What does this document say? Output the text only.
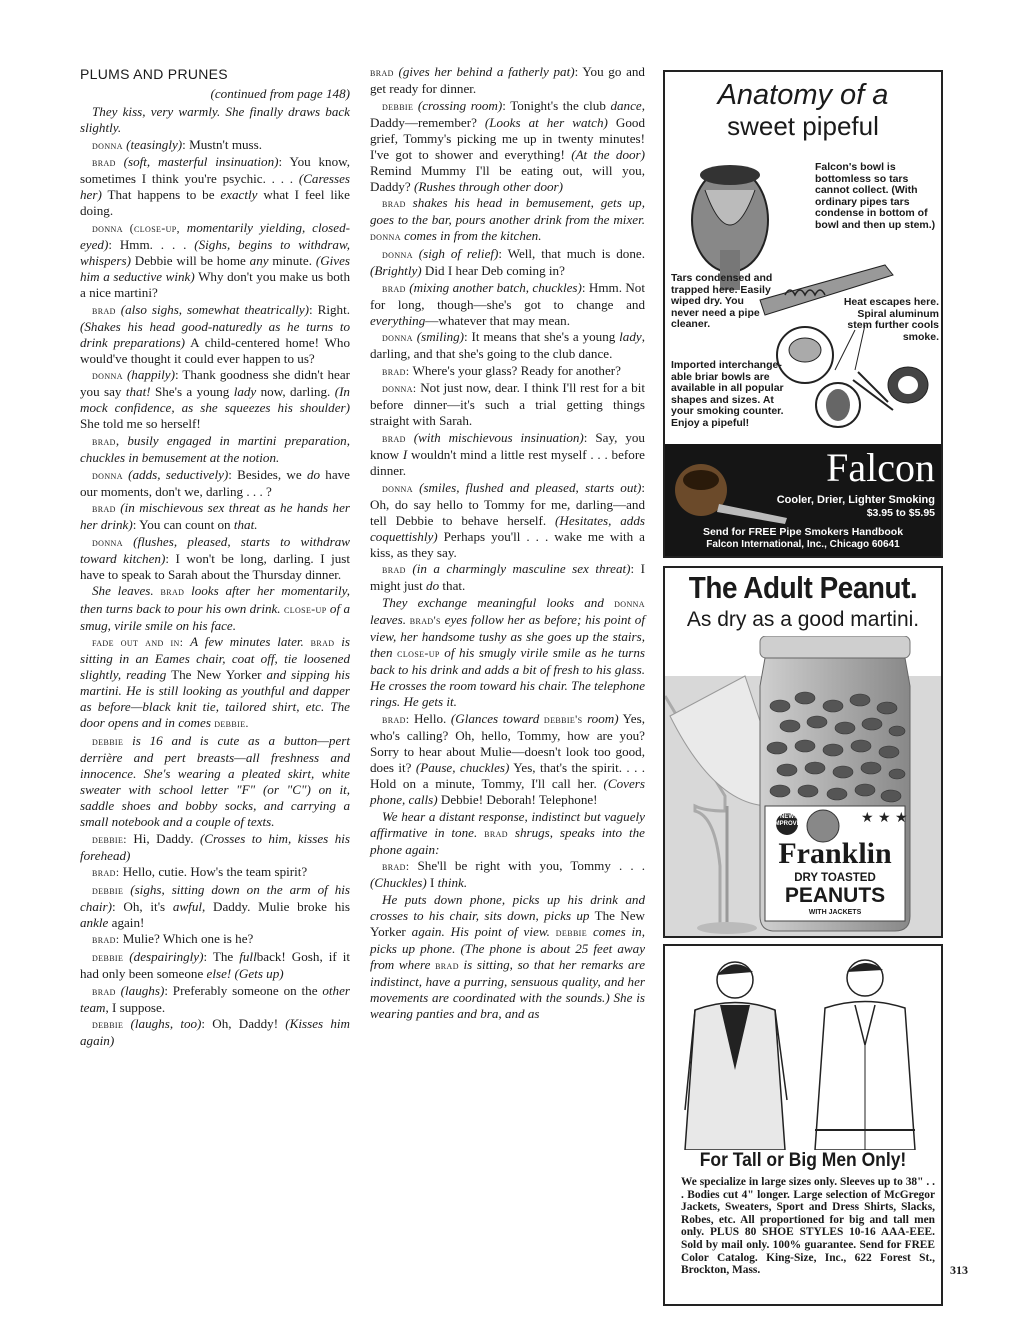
PLUMS AND PRUNES
(continued from page 148)

They kiss, very warmly. She finally draws back slightly.

donna (teasingly): Mustn't muss.

brad (soft, masterful insinuation): You know, sometimes I think you're psychic. . . . (Caresses her) That happens to be exactly what I feel like doing.

donna (close-up, momentarily yielding, closed-eyed): Hmm. . . . (Sighs, begins to withdraw, whispers) Debbie will be home any minute. (Gives him a seductive wink) Why don't you make us both a nice martini?

brad (also sighs, somewhat theatrically): Right. (Shakes his head good-naturedly as he turns to drink preparations) A child-centered home! Who would've thought it could ever happen to us?

donna (happily): Thank goodness she didn't hear you say that! She's a young lady now, darling. (In mock confidence, as she squeezes his shoulder) She told me so herself!

brad, busily engaged in martini preparation, chuckles in bemusement at the notion.

donna (adds, seductively): Besides, we do have our moments, don't we, darling . . . ?

brad (in mischievous sex threat as he hands her her drink): You can count on that.

donna (flushes, pleased, starts to withdraw toward kitchen): I won't be long, darling. I just have to speak to Sarah about the Thursday dinner.

She leaves. brad looks after her momentarily, then turns back to pour his own drink. close-up of a smug, virile smile on his face.

fade out and in: A few minutes later. brad is sitting in an Eames chair, coat off, tie loosened slightly, reading The New Yorker and sipping his martini. He is still looking as youthful and dapper as before—black knit tie, tailored shirt, etc. The door opens and in comes debbie.

debbie is 16 and is cute as a button—pert derrière and pert breasts—all freshness and innocence. She's wearing a pleated skirt, white sweater with school letter "F" (or "C") on it, saddle shoes and bobby socks, and carrying a small notebook and a couple of texts.

debbie: Hi, Daddy. (Crosses to him, kisses his forehead)

brad: Hello, cutie. How's the team spirit?

debbie (sighs, sitting down on the arm of his chair): Oh, it's awful, Daddy. Mulie broke his ankle again!

brad: Mulie? Which one is he?

debbie (despairingly): The fullback! Gosh, if it had only been someone else! (Gets up)

brad (laughs): Preferably someone on the other team, I suppose.

debbie (laughs, too): Oh, Daddy! (Kisses him again)

brad (gives her behind a fatherly pat): You go and get ready for dinner.

debbie (crossing room): Tonight's the club dance, Daddy—remember? (Looks at her watch) Good grief, Tommy's picking me up in twenty minutes! I've got to shower and everything! (At the door) Remind Mummy I'll be eating out, will you, Daddy? (Rushes through other door)

brad shakes his head in bemusement, gets up, goes to the bar, pours another drink from the mixer. donna comes in from the kitchen.

donna (sigh of relief): Well, that much is done. (Brightly) Did I hear Deb coming in?

brad (mixing another batch, chuckles): Hmm. Not for long, though—she's got to change and everything—whatever that may mean.

donna (smiling): It means that she's a young lady, darling, and that she's going to the club dance.

brad: Where's your glass? Ready for another?

donna: Not just now, dear. I think I'll rest for a bit before dinner—it's such a trial getting things straight with Sarah.

brad (with mischievous insinuation): Say, you know I wouldn't mind a little rest myself . . . before dinner.

donna (smiles, flushed and pleased, starts out): Oh, do say hello to Tommy for me, darling—and tell Debbie to behave herself. (Hesitates, adds coquettishly) Perhaps you'll . . . wake me with a kiss, as they say.

brad (in a charmingly masculine sex threat): I might just do that.

They exchange meaningful looks and donna leaves. brad's eyes follow her as before; his point of view, her handsome tushy as she goes up the stairs, then close-up of his smugly virile smile as he turns back to his drink and adds a bit of fresh to his glass. He crosses the room toward his chair. The telephone rings. He gets it.

brad: Hello. (Glances toward debbie's room) Yes, who's calling? Oh, hello, Tommy, how are you? Sorry to hear about Mulie—doesn't look too good, does it? (Pause, chuckles) Yes, that's the spirit. . . . Hold on a minute, Tommy, I'll call her. (Covers phone, calls) Debbie! Deborah! Telephone!

We hear a distant response, indistinct but vaguely affirmative in tone. brad shrugs, speaks into the phone again:

brad: She'll be right with you, Tommy . . . (Chuckles) I think.

He puts down phone, picks up his drink and crosses to his chair, sits down, picks up The New Yorker again. His point of view. debbie comes in, picks up phone. (The phone is about 25 feet away from where brad is sitting, so that her remarks are indistinct, have a purring, sensuous quality, and her movements are coordinated with the sounds.) She is wearing panties and bra, and as

Anatomy of a
sweet pipeful
Falcon's bowl is bottomless so tars cannot collect. (With ordinary pipes tars condense in bottom of bowl and then up stem.)
Tars condensed and trapped here. Easily wiped dry. You never need a pipe cleaner.
Heat escapes here. Spiral aluminum stem further cools smoke.
Imported interchange-able briar bowls are available in all popular shapes and sizes. At your smoking counter. Enjoy a pipeful!
Falcon
Cooler, Drier, Lighter Smoking
$3.95 to $5.95
Send for FREE Pipe Smokers Handbook
Falcon International, Inc., Chicago 60641
The Adult Peanut.
As dry as a good martini.
★ ★ ★
NEW! IMPROVED!
Franklin
DRY TOASTED
PEANUTS
WITH JACKETS
For Tall or Big Men Only!
We specialize in large sizes only. Sleeves up to 38" . . . Bodies cut 4" longer. Large selection of McGregor Jackets, Sweaters, Sport and Dress Shirts, Slacks, Robes, etc. All proportioned for big and tall men only. PLUS 80 SHOE STYLES 10-16 AAA-EEE. Sold by mail only. 100% guarantee. Send for FREE Color Catalog. King-Size, Inc., 622 Forest St., Brockton, Mass.	313
